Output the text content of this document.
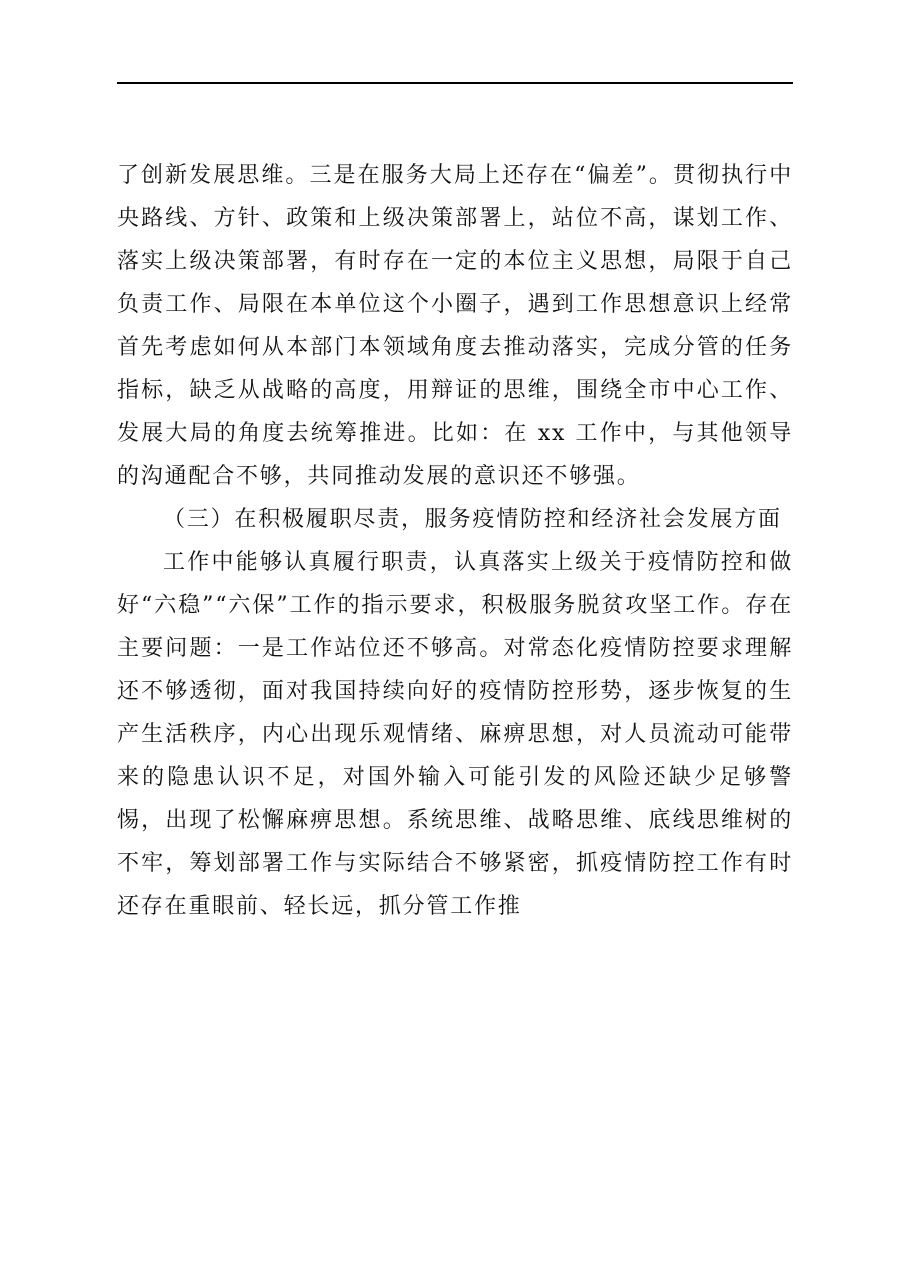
了创新发展思维。三是在服务大局上还存在“偏差”。贯彻执行中央路线、方针、政策和上级决策部署上，站位不高，谋划工作、落实上级决策部署，有时存在一定的本位主义思想，局限于自己负责工作、局限在本单位这个小圈子，遇到工作思想意识上经常首先考虑如何从本部门本领域角度去推动落实，完成分管的任务指标，缺乏从战略的高度，用辩证的思维，围绕全市中心工作、发展大局的角度去统筹推进。比如：在 xx 工作中，与其他领导的沟通配合不够，共同推动发展的意识还不够强。

（三）在积极履职尽责，服务疫情防控和经济社会发展方面

工作中能够认真履行职责，认真落实上级关于疫情防控和做好“六稳”“六保”工作的指示要求，积极服务脱贫攻坚工作。存在主要问题：一是工作站位还不够高。对常态化疫情防控要求理解还不够透彻，面对我国持续向好的疫情防控形势，逐步恢复的生产生活秩序，内心出现乐观情绪、麻痹思想，对人员流动可能带来的隐患认识不足，对国外输入可能引发的风险还缺少足够警惕，出现了松懈麻痹思想。系统思维、战略思维、底线思维树的不牢，筹划部署工作与实际结合不够紧密，抓疫情防控工作有时还存在重眼前、轻长远，抓分管工作推
